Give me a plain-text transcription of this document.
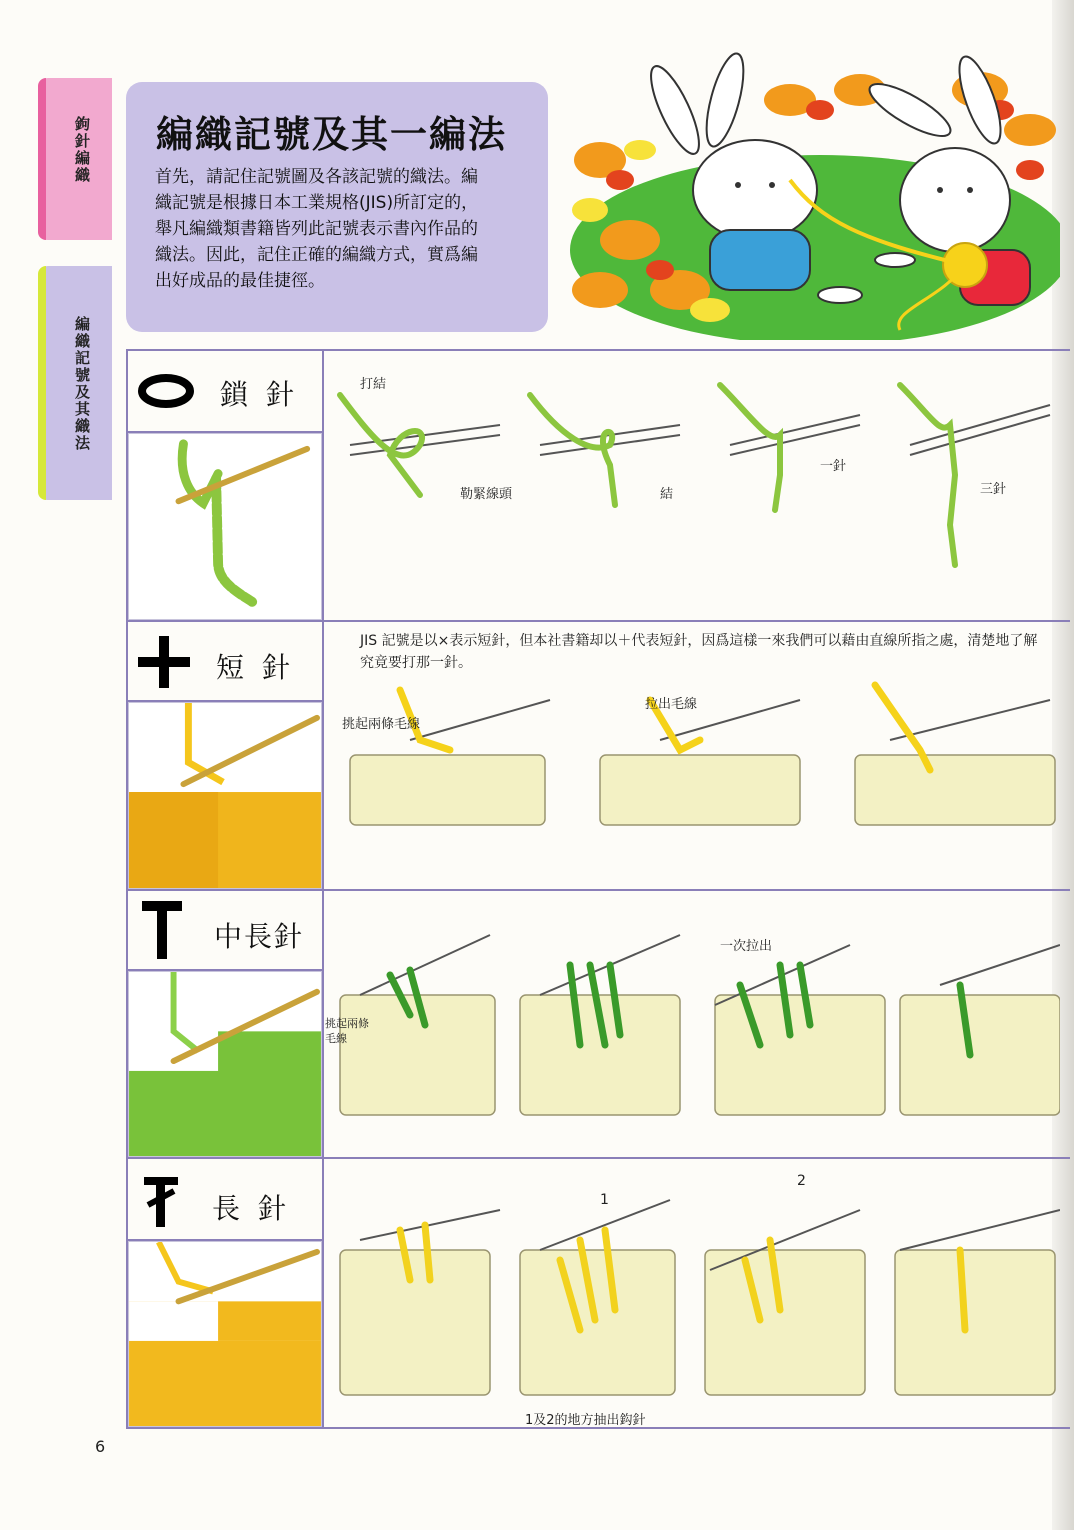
鉤針編織
編織記號及其織法
編織記號及其一編法
首先，請記住記號圖及各該記號的織法。編織記號是根據日本工業規格(JIS)所訂定的，舉凡編織類書籍皆列此記號表示書內作品的織法。因此，記住正確的編織方式，實爲編出好成品的最佳捷徑。
鎖針	打結
勒緊線頭	結
一針
三針
短針
JIS 記號是以×表示短針，但本社書籍却以＋代表短針，因爲這樣一來我們可以藉由直線所指之處，清楚地了解究竟要打那一針。
挑起兩條毛線
拉出毛線
中長針	一次拉出
挑起兩條毛線
長針	1
2
1及2的地方抽出鈎針
6
